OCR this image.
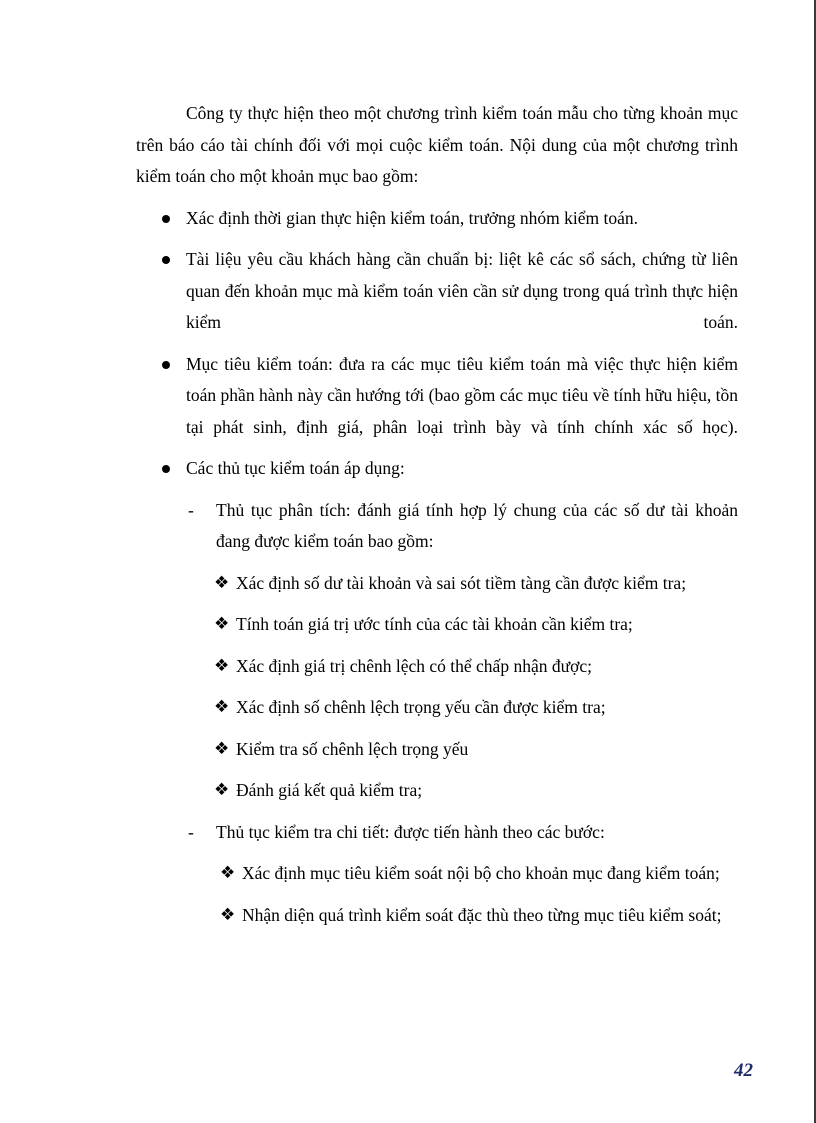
Công ty thực hiện theo một chương trình kiểm toán mẫu cho từng khoản mục trên báo cáo tài chính đối với mọi cuộc kiểm toán. Nội dung của một chương trình kiểm toán cho một khoản mục bao gồm:

Xác định thời gian thực hiện kiểm toán, trưởng nhóm kiểm toán.
Tài liệu yêu cầu khách hàng cần chuẩn bị: liệt kê các sổ sách, chứng từ liên quan đến khoản mục mà kiểm toán viên cần sử dụng trong quá trình thực hiện kiểm toán.
Mục tiêu kiểm toán: đưa ra các mục tiêu kiểm toán mà việc thực hiện kiểm toán phần hành này cần hướng tới (bao gồm các mục tiêu về tính hữu hiệu, tồn tại phát sinh, định giá, phân loại trình bày và tính chính xác số học).
Các thủ tục kiểm toán áp dụng:
- Thủ tục phân tích: đánh giá tính hợp lý chung của các số dư tài khoản đang được kiểm toán bao gồm:
❖ Xác định số dư tài khoản và sai sót tiềm tàng cần được kiểm tra;
❖ Tính toán giá trị ước tính của các tài khoản cần kiểm tra;
❖ Xác định giá trị chênh lệch có thể chấp nhận được;
❖ Xác định số chênh lệch trọng yếu cần được kiểm tra;
❖ Kiểm tra số chênh lệch trọng yếu
❖ Đánh giá kết quả kiểm tra;
- Thủ tục kiểm tra chi tiết: được tiến hành theo các bước:
❖ Xác định mục tiêu kiểm soát nội bộ cho khoản mục đang kiểm toán;
❖ Nhận diện quá trình kiểm soát đặc thù theo từng mục tiêu kiểm soát;
42
